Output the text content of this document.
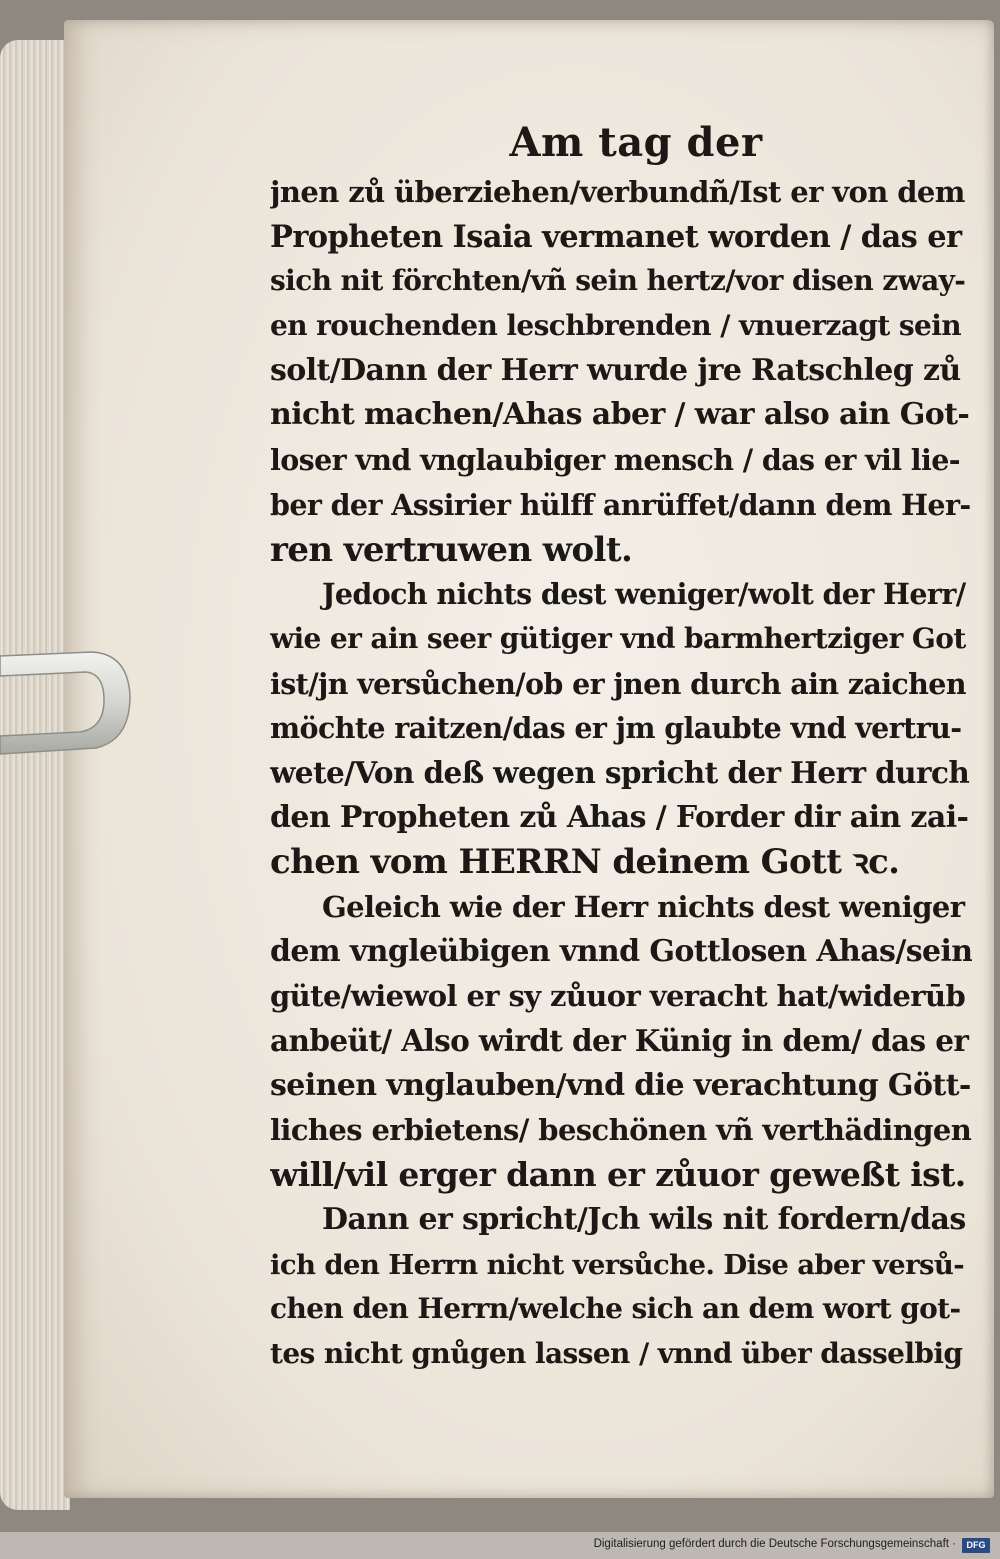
Am tag der
jnen zů überziehen/verbundñ/Ist er von dem
Propheten Isaia vermanet worden / das er
sich nit förchten/vñ sein hertz/vor disen zway-
en rouchenden leschbrenden / vnuerzagt sein
solt/Dann der Herr wurde jre Ratschleg zů
nicht machen/Ahas aber / war also ain Got-
loser vnd vnglaubiger mensch / das er vil lie-
ber der Assirier hülff anrüffet/dann dem Her-
ren vertruwen wolt.
Jedoch nichts dest weniger/wolt der Herr/
wie er ain seer gütiger vnd barmhertziger Got
ist/jn versůchen/ob er jnen durch ain zaichen
möchte raitzen/das er jm glaubte vnd vertru-
wete/Von deß wegen spricht der Herr durch
den Propheten zů Ahas / Forder dir ain zai-
chen vom HERRN deinem Gott ꝛc.
Geleich wie der Herr nichts dest weniger
dem vngleübigen vnnd Gottlosen Ahas/sein
güte/wiewol er sy zůuor veracht hat/widerūb
anbeüt/ Also wirdt der Künig in dem/ das er
seinen vnglauben/vnd die verachtung Gött-
liches erbietens/ beschönen vñ verthädingen
will/vil erger dann er zůuor geweßt ist.
Dann er spricht/Jch wils nit fordern/das
ich den Herrn nicht versůche. Dise aber versů-
chen den Herrn/welche sich an dem wort got-
tes nicht gnůgen lassen / vnnd über dasselbig
Digitalisierung gefördert durch die Deutsche Forschungsgemeinschaft ·	DFG
